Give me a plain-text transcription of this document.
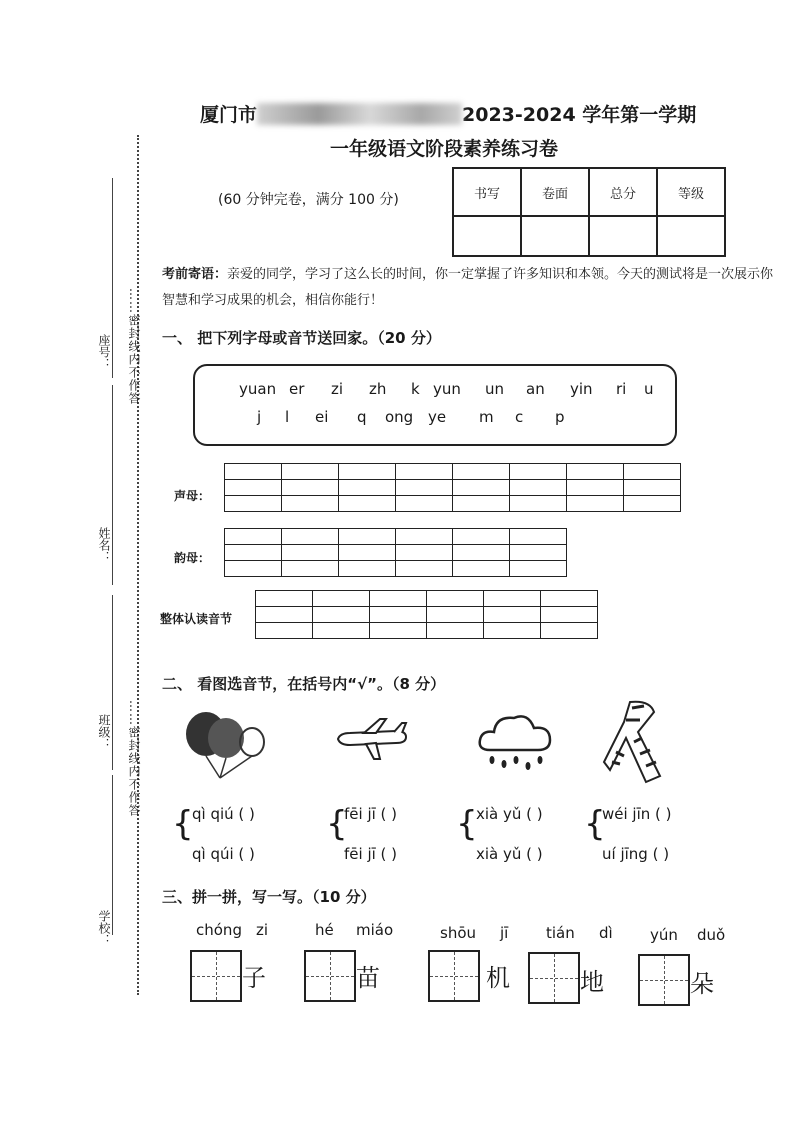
……密封线内不作答
……密封线内不作答
座号：
姓名：
班级：
学校：
厦门市	2023-2024 学年第一学期
一年级语文阶段素养练习卷
(60 分钟完卷，满分 100 分)	书写	卷面	总分	等级

考前寄语：亲爱的同学，学习了这么长的时间，你一定掌握了许多知识和本领。今天的测试将是一次展示你智慧和学习成果的机会，相信你能行！
一、 把下列字母或音节送回家。（20 分）
yuan er zi zh k yun un an yin ri u
j l ei q ong ye m c p
声母：

韵母：

整体认读音节

二、 看图选音节，在括号内“√”。（8 分）
{
qì qiú ( )
qì qúi ( )
{
fēi jī ( )
fēi jī ( )
{
xià yǔ ( )
xià yǔ ( )
{
wéi jīn ( )
uí jīng ( )
三、拼一拼，写一写。（10 分）
chóng zi
子
hé miáo
苗
shōu jī
机
tián dì
地
yún duǒ
朵
